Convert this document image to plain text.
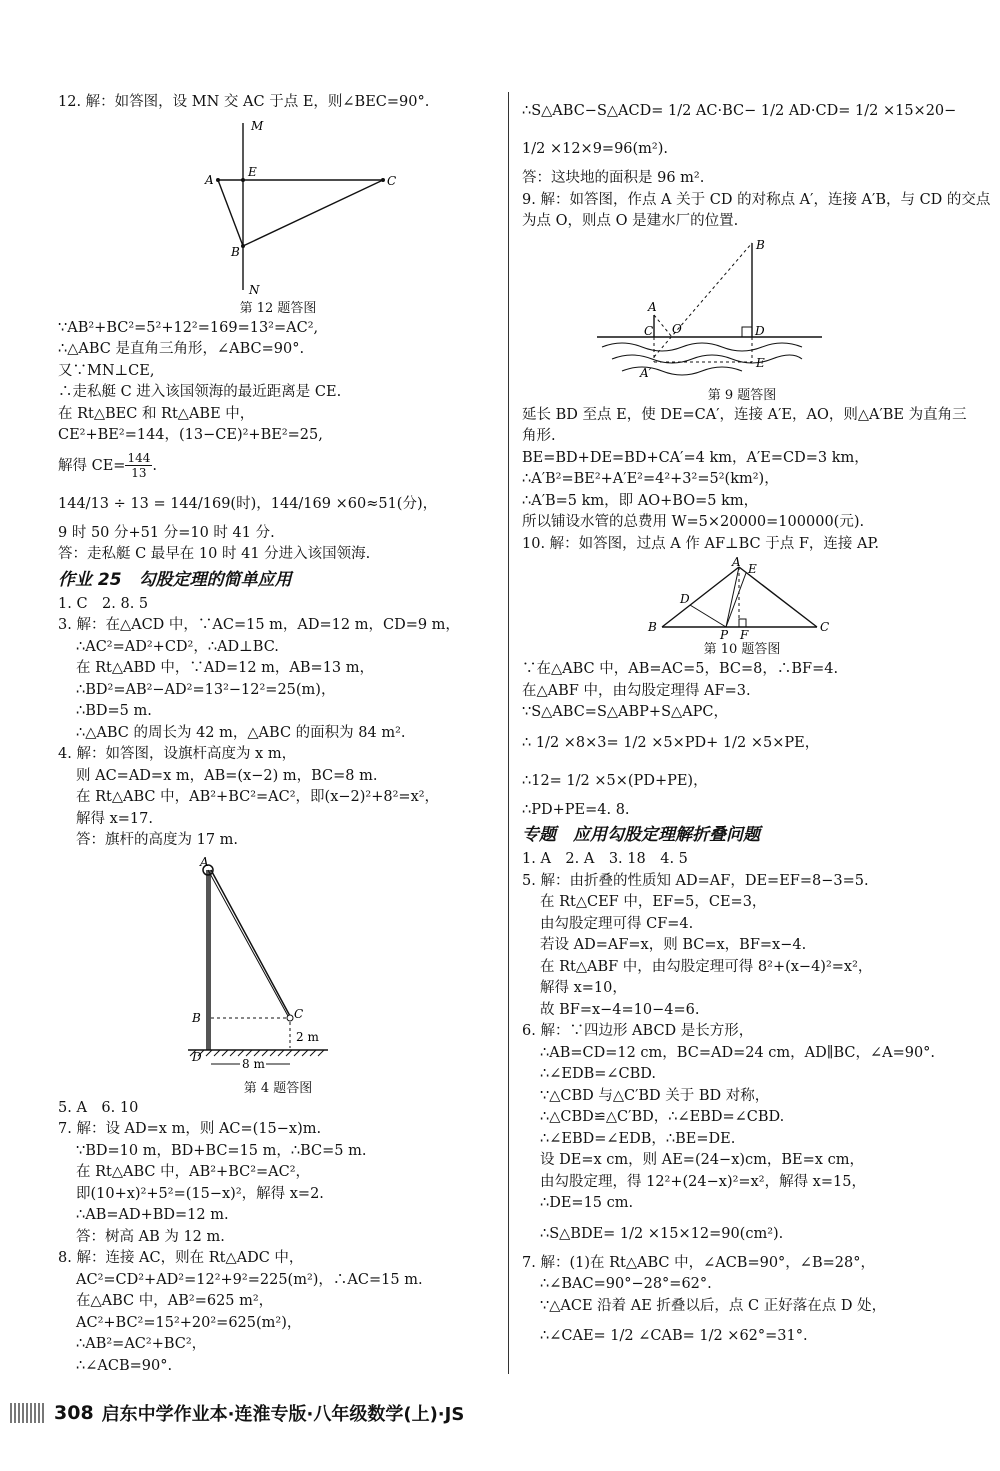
12. 解：如答图，设 MN 交 AC 于点 E，则∠BEC=90°.
M
A
E
C
B
N
第 12 题答图
∵AB²+BC²=5²+12²=169=13²=AC²,
∴△ABC 是直角三角形，∠ABC=90°.
又∵MN⊥CE,
∴走私艇 C 进入该国领海的最近距离是 CE.
在 Rt△BEC 和 Rt△ABE 中，
CE²+BE²=144，(13−CE)²+BE²=25,
解得 $CE= \frac{144}{13}$ .
144/13 ÷ 13 = 144/169(时)，144/169 ×60≈51(分)，
9 时 50 分+51 分=10 时 41 分.
答：走私艇 C 最早在 10 时 41 分进入该国领海.
作业 25　勾股定理的简单应用
1. C　2. 8. 5
3. 解：在△ACD 中，∵AC=15 m，AD=12 m，CD=9 m，
∴AC²=AD²+CD²，∴AD⊥BC.
在 Rt△ABD 中，∵AD=12 m，AB=13 m，
∴BD²=AB²−AD²=13²−12²=25(m)，
∴BD=5 m.
∴△ABC 的周长为 42 m，△ABC 的面积为 84 m².
4. 解：如答图，设旗杆高度为 x m，
则 AC=AD=x m，AB=(x−2) m，BC=8 m.
在 Rt△ABC 中，AB²+BC²=AC²，即(x−2)²+8²=x²，
解得 x=17.
答：旗杆的高度为 17 m.
A
B	C
D
2 m
8 m
第 4 题答图
5. A　6. 10
7. 解：设 AD=x m，则 AC=(15−x)m.
∵BD=10 m，BD+BC=15 m，∴BC=5 m.
在 Rt△ABC 中，AB²+BC²=AC²，
即(10+x)²+5²=(15−x)²，解得 x=2.
∴AB=AD+BD=12 m.
答：树高 AB 为 12 m.
8. 解：连接 AC，则在 Rt△ADC 中，
AC²=CD²+AD²=12²+9²=225(m²)，∴AC=15 m.
在△ABC 中，AB²=625 m²，
AC²+BC²=15²+20²=625(m²)，
∴AB²=AC²+BC²，
∴∠ACB=90°.
∴S△ABC−S△ACD= 1/2 AC·BC− 1/2 AD·CD= 1/2 ×15×20−
1/2 ×12×9=96(m²).
答：这块地的面积是 96 m².
9. 解：如答图，作点 A 关于 CD 的对称点 A′，连接 A′B，与 CD 的交点
为点 O，则点 O 是建水厂的位置.
A
B
C	D
O
E
A′
第 9 题答图
延长 BD 至点 E，使 DE=CA′，连接 A′E，AO，则△A′BE 为直角三
角形.
BE=BD+DE=BD+CA′=4 km，A′E=CD=3 km，
∴A′B²=BE²+A′E²=4²+3²=5²(km²)，
∴A′B=5 km，即 AO+BO=5 km，
所以铺设水管的总费用 W=5×20000=100000(元).
10. 解：如答图，过点 A 作 AF⊥BC 于点 F，连接 AP.
A
B	C
D
E
P F
第 10 题答图
∵在△ABC 中，AB=AC=5，BC=8，∴BF=4.
在△ABF 中，由勾股定理得 AF=3.
∵S△ABC=S△ABP+S△APC，
∴ 1/2 ×8×3= 1/2 ×5×PD+ 1/2 ×5×PE，
∴12= 1/2 ×5×(PD+PE)，
∴PD+PE=4. 8.
专题　应用勾股定理解折叠问题
1. A　2. A　3. 18　4. 5
5. 解：由折叠的性质知 AD=AF，DE=EF=8−3=5.
在 Rt△CEF 中，EF=5，CE=3，
由勾股定理可得 CF=4.
若设 AD=AF=x，则 BC=x，BF=x−4.
在 Rt△ABF 中，由勾股定理可得 8²+(x−4)²=x²，
解得 x=10，
故 BF=x−4=10−4=6.
6. 解：∵四边形 ABCD 是长方形，
∴AB=CD=12 cm，BC=AD=24 cm，AD∥BC，∠A=90°.
∴∠EDB=∠CBD.
∵△CBD 与△C′BD 关于 BD 对称，
∴△CBD≌△C′BD，∴∠EBD=∠CBD.
∴∠EBD=∠EDB，∴BE=DE.
设 DE=x cm，则 AE=(24−x)cm，BE=x cm，
由勾股定理，得 12²+(24−x)²=x²，解得 x=15，
∴DE=15 cm.
∴S△BDE= 1/2 ×15×12=90(cm²).
7. 解：(1)在 Rt△ABC 中，∠ACB=90°，∠B=28°，
∴∠BAC=90°−28°=62°.
∵△ACE 沿着 AE 折叠以后，点 C 正好落在点 D 处，
∴∠CAE= 1/2 ∠CAB= 1/2 ×62°=31°.
308 启东中学作业本·连淮专版·八年级数学(上)·JS
